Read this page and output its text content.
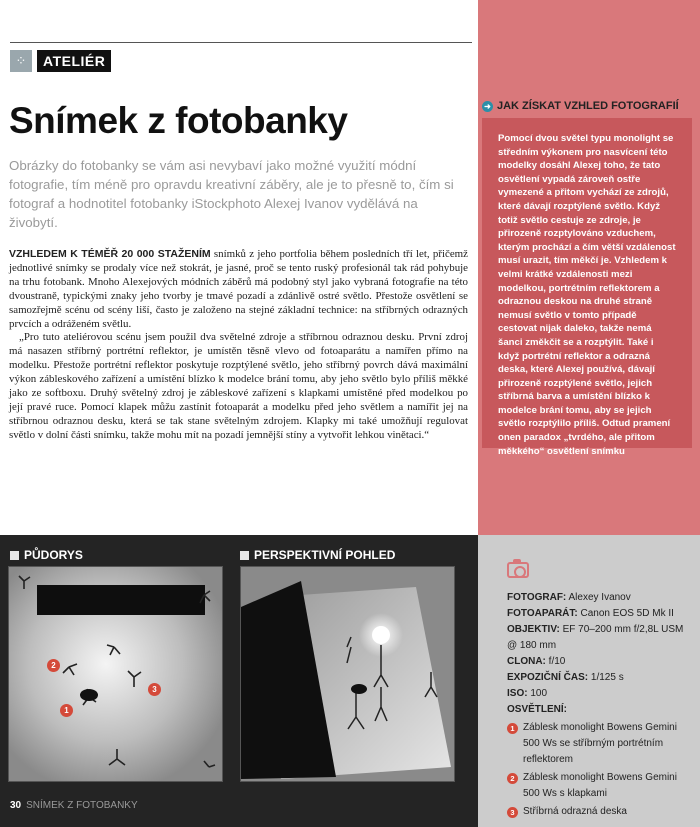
⁘	ATELIÉR
Snímek z fotobanky

Obrázky do fotobanky se vám asi nevybaví jako možné využití módní fotografie, tím méně pro opravdu kreativní záběry, ale je to přesně to, čím si fotograf a hodnotitel fotobanky iStockphoto Alexej Ivanov vydělává na živobytí.

VZHLEDEM K TÉMĚŘ 20 000 STAŽENÍM snímků z jeho portfolia během posledních tří let, přičemž jednotlivé snímky se prodaly více než stokrát, je jasné, proč se tento ruský profesionál tak rád pohybuje na trhu fotobank. Mnoho Alexejových módních záběrů má podobný styl jako vybraná fotografie na této dvoustraně, typickými znaky jeho tvorby je tmavé pozadí a zdánlivě ostré světlo. Přestože osvětlení se samozřejmě scénu od scény liší, často je založeno na stejné základní technice: na stříbrných odrazných prvcích a odráženém světlu.

„Pro tuto ateliérovou scénu jsem použil dva světelné zdroje a stříbrnou odraznou desku. První zdroj má nasazen stříbrný portrétní reflektor, je umístěn těsně vlevo od fotoaparátu a namířen přímo na modelku. Přestože portrétní reflektor poskytuje rozptýlené světlo, jeho stříbrný povrch dává maximální výkon zábleskového zařízení a umístění blízko k modelce brání tomu, aby jeho světlo bylo příliš měkké jako ze softboxu. Druhý světelný zdroj je zábleskové zařízení s klapkami umístěné před modelkou po její pravé ruce. Pomocí klapek můžu zastínit fotoaparát a modelku před jeho světlem a namířit jej na stříbrnou odraznou desku, která se tak stane světelným zdrojem. Klapky mi také umožňují regulovat světlo v dolní části snímku, takže mohu mít na pozadí jemnější stíny a vytvořit lehkou vinětaci.“

➜ JAK ZÍSKAT VZHLED FOTOGRAFIÍ

Pomocí dvou světel typu monolight se středním výkonem pro nasvícení této modelky dosáhl Alexej toho, že tato osvětlení vypadá zároveň ostře vymezené a přitom vychází ze zdrojů, které dávají rozptýlené světlo. Když totiž světlo cestuje ze zdroje, je přirozeně rozptylováno vzduchem, kterým prochází a čím větší vzdálenost musí urazit, tím měkčí je. Vzhledem k velmi krátké vzdálenosti mezi modelkou, portrétním reflektorem a odraznou deskou na druhé straně nemusí světlo v tomto případě cestovat nijak daleko, takže nemá šanci změkčit se a rozptýlit. Také i když portrétní reflektor a odrazná deska, které Alexej používá, dávají přirozeně rozptýlené světlo, jejich stříbrná barva a umístění blízko k modelce brání tomu, aby se jejich světlo rozptýlilo příliš. Odtud pramení onen paradox „tvrdého, ale přitom měkkého“ osvětlení snímku

PŮDORYS	PERSPEKTIVNÍ POHLED
2
1
3
FOTOGRAF: Alexey Ivanov
FOTOAPARÁT: Canon EOS 5D Mk II
OBJEKTIV: EF 70–200 mm f/2,8L USM @ 180 mm
CLONA: f/10
EXPOZIČNÍ ČAS: 1/125 s
ISO: 100
OSVĚTLENÍ:
1 Záblesk monolight Bowens Gemini 500 Ws se stříbrným portrétním reflektorem
2 Záblesk monolight Bowens Gemini 500 Ws s klapkami
3 Stříbrná odrazná deska
30 SNÍMEK Z FOTOBANKY
